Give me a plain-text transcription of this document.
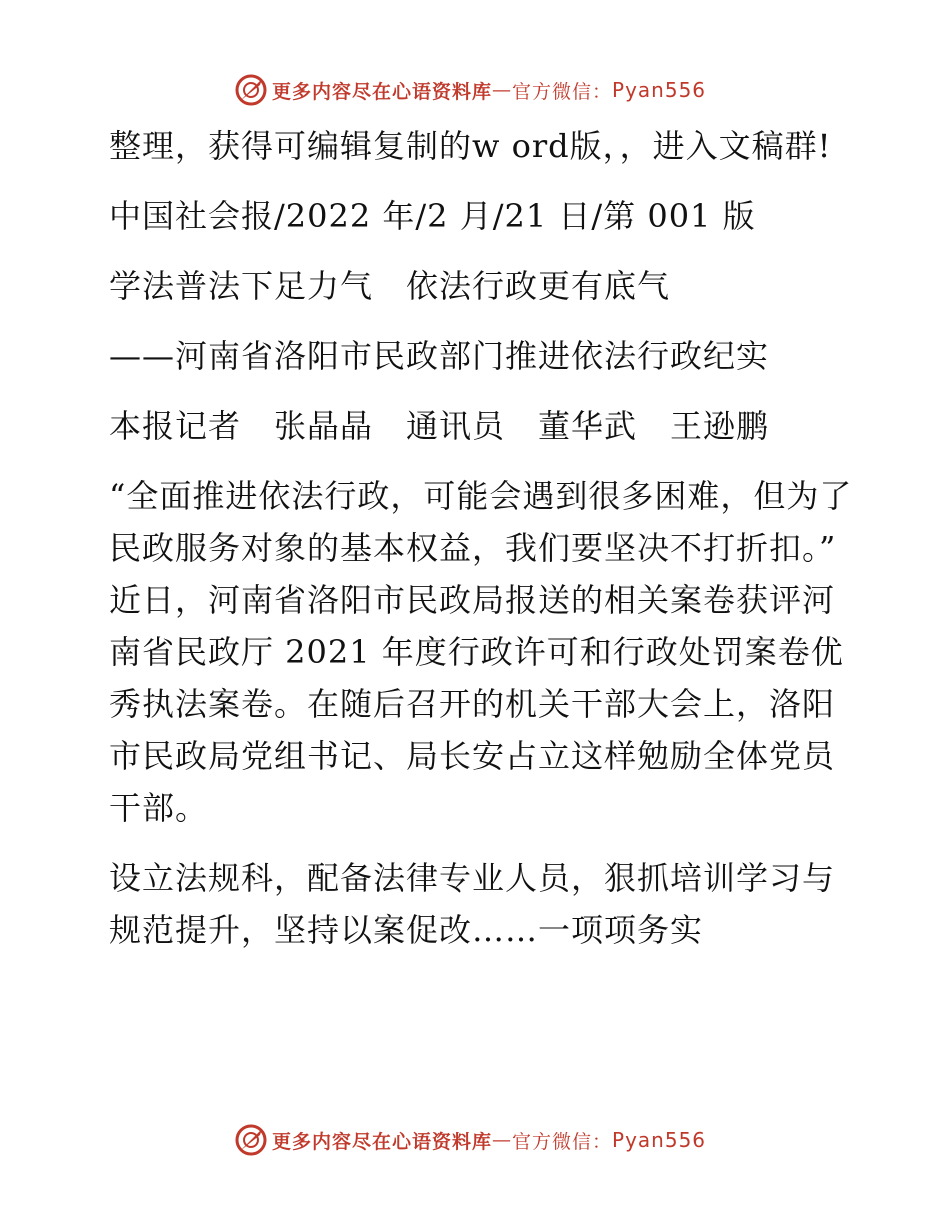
更多内容尽在心语资料库 — 官方微信： Pyan556

整理，获得可编辑复制的w ord版，，进入文稿群!

中国社会报/2022 年/2 月/21 日/第 001 版

学法普法下足力气　依法行政更有底气

——河南省洛阳市民政部门推进依法行政纪实

本报记者　张晶晶　通讯员　董华武　王逊鹏

“全面推进依法行政，可能会遇到很多困难，但为了民政服务对象的基本权益，我们要坚决不打折扣。”　近日，河南省洛阳市民政局报送的相关案卷获评河南省民政厅 2021 年度行政许可和行政处罚案卷优秀执法案卷。在随后召开的机关干部大会上，洛阳市民政局党组书记、局长安占立这样勉励全体党员干部。

设立法规科，配备法律专业人员，狠抓培训学习与规范提升，坚持以案促改……一项项务实

更多内容尽在心语资料库 — 官方微信： Pyan556
